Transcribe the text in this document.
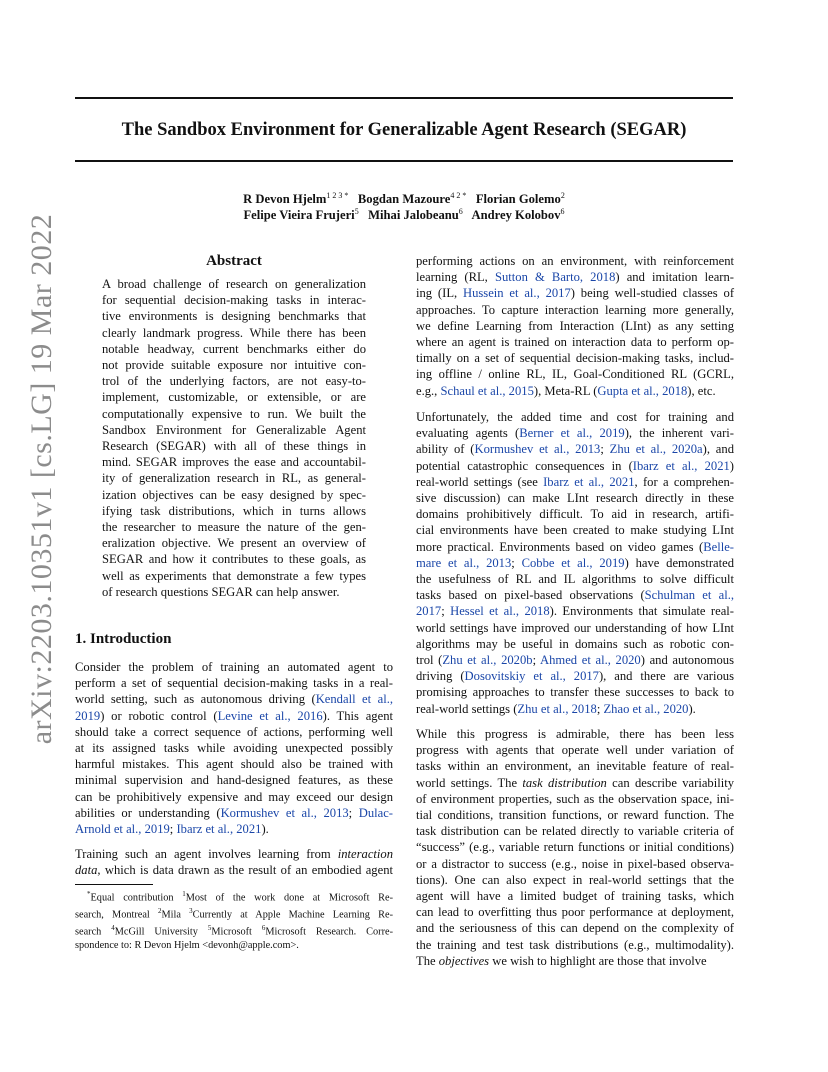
The Sandbox Environment for Generalizable Agent Research (SEGAR)
R Devon Hjelm$^{1 2 3 *}$ Bogdan Mazoure$^{4 2 *}$ Florian Golemo$^2$
Felipe Vieira Frujeri$^5$ Mihai Jalobeanu$^6$ Andrey Kolobov$^6$
arXiv:2203.10351v1 [cs.LG] 19 Mar 2022	Abstract
A broad challenge of research on generalization
for sequential decision-making tasks in interac-
tive environments is designing benchmarks that
clearly landmark progress. While there has been
notable headway, current benchmarks either do
not provide suitable exposure nor intuitive con-
trol of the underlying factors, are not easy-to-
implement, customizable, or extensible, or are
computationally expensive to run. We built the
Sandbox Environment for Generalizable Agent
Research (SEGAR) with all of these things in
mind. SEGAR improves the ease and accountabil-
ity of generalization research in RL, as general-
ization objectives can be easy designed by spec-
ifying task distributions, which in turns allows
the researcher to measure the nature of the gen-
eralization objective. We present an overview of
SEGAR and how it contributes to these goals, as
well as experiments that demonstrate a few types
of research questions SEGAR can help answer.
1. Introduction
Consider the problem of training an automated agent to
perform a set of sequential decision-making tasks in a real-
world setting, such as autonomous driving (Kendall et al.,
2019) or robotic control (Levine et al., 2016). This agent
should take a correct sequence of actions, performing well
at its assigned tasks while avoiding unexpected possibly
harmful mistakes. This agent should also be trained with
minimal supervision and hand-designed features, as these
can be prohibitively expensive and may exceed our design
abilities or understanding (Kormushev et al., 2013; Dulac-
Arnold et al., 2019; Ibarz et al., 2021).
Training such an agent involves learning from interaction
data, which is data drawn as the result of an embodied agent
*Equal contribution $^1$Most of the work done at Microsoft Re-
search, Montreal $^2$Mila $^3$Currently at Apple Machine Learning Re-
search $^4$McGill University $^5$Microsoft $^6$Microsoft Research. Corre-
spondence to: R Devon Hjelm <devonh@apple.com>.
performing actions on an environment, with reinforcement
learning (RL, Sutton & Barto, 2018) and imitation learn-
ing (IL, Hussein et al., 2017) being well-studied classes of
approaches. To capture interaction learning more generally,
we define Learning from Interaction (LInt) as any setting
where an agent is trained on interaction data to perform op-
timally on a set of sequential decision-making tasks, includ-
ing offline / online RL, IL, Goal-Conditioned RL (GCRL,
e.g., Schaul et al., 2015), Meta-RL (Gupta et al., 2018), etc.
Unfortunately, the added time and cost for training and
evaluating agents (Berner et al., 2019), the inherent vari-
ability of (Kormushev et al., 2013; Zhu et al., 2020a), and
potential catastrophic consequences in (Ibarz et al., 2021)
real-world settings (see Ibarz et al., 2021, for a comprehen-
sive discussion) can make LInt research directly in these
domains prohibitively difficult. To aid in research, artifi-
cial environments have been created to make studying LInt
more practical. Environments based on video games (Belle-
mare et al., 2013; Cobbe et al., 2019) have demonstrated
the usefulness of RL and IL algorithms to solve difficult
tasks based on pixel-based observations (Schulman et al.,
2017; Hessel et al., 2018). Environments that simulate real-
world settings have improved our understanding of how LInt
algorithms may be useful in domains such as robotic con-
trol (Zhu et al., 2020b; Ahmed et al., 2020) and autonomous
driving (Dosovitskiy et al., 2017), and there are various
promising approaches to transfer these successes to back to
real-world settings (Zhu et al., 2018; Zhao et al., 2020).
While this progress is admirable, there has been less
progress with agents that operate well under variation of
tasks within an environment, an inevitable feature of real-
world settings. The task distribution can describe variability
of environment properties, such as the observation space, ini-
tial conditions, transition functions, or reward function. The
task distribution can be related directly to variable criteria of
“success” (e.g., variable return functions or initial conditions)
or a distractor to success (e.g., noise in pixel-based observa-
tions). One can also expect in real-world settings that the
agent will have a limited budget of training tasks, which
can lead to overfitting thus poor performance at deployment,
and the seriousness of this can depend on the complexity of
the training and test task distributions (e.g., multimodality).
The objectives we wish to highlight are those that involve
